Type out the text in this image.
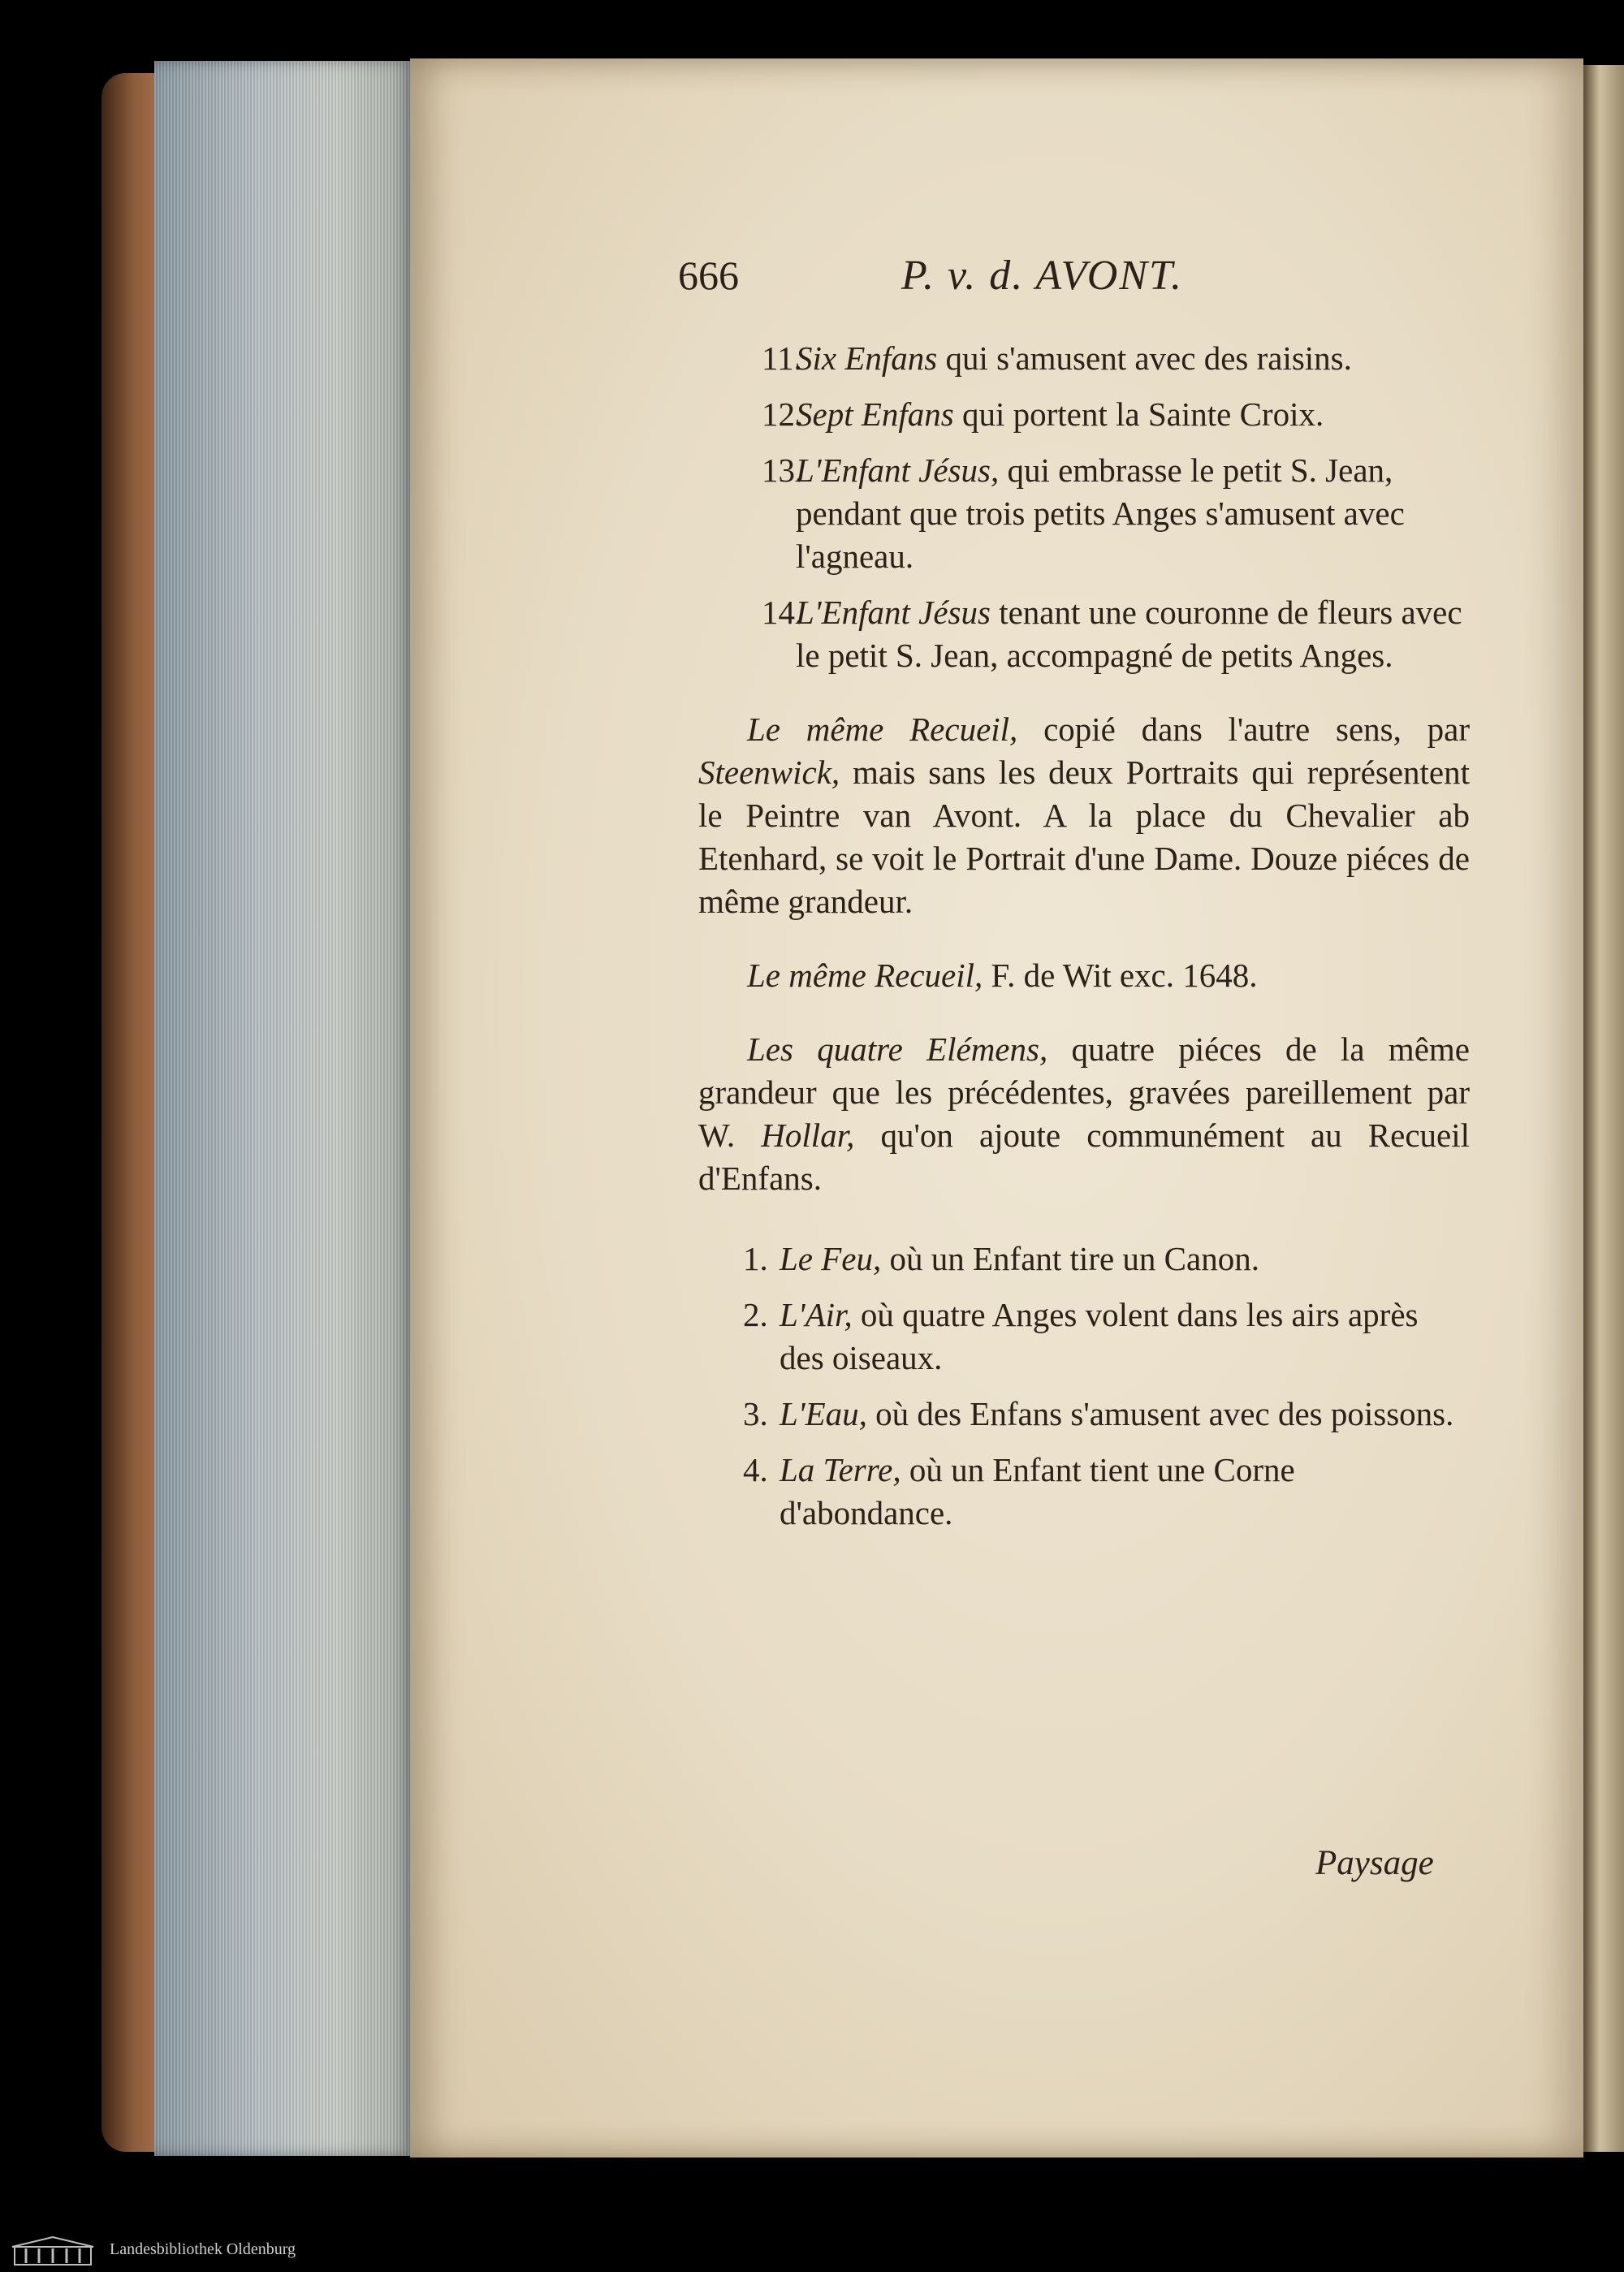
666	P. v. d. AVONT.
11.
Six Enfans qui s'amusent avec des raisins.
12.
Sept Enfans qui portent la Sainte Croix.
13.
L'Enfant Jésus, qui embrasse le petit S. Jean, pendant que trois petits Anges s'amusent avec l'agneau.
14.
L'Enfant Jésus tenant une couronne de fleurs avec le petit S. Jean, accompagné de petits Anges.

Le même Recueil, copié dans l'autre sens, par Steenwick, mais sans les deux Portraits qui représentent le Peintre van Avont. A la place du Chevalier ab Etenhard, se voit le Portrait d'une Dame. Douze piéces de même grandeur.

Le même Recueil, F. de Wit exc. 1648.

Les quatre Elémens, quatre piéces de la même grandeur que les précédentes, gravées pareillement par W. Hollar, qu'on ajoute communément au Recueil d'Enfans.

1. Le Feu, où un Enfant tire un Canon.
2. L'Air, où quatre Anges volent dans les airs après des oiseaux.
3. L'Eau, où des Enfans s'amusent avec des poissons.
4. La Terre, où un Enfant tient une Corne d'abondance.
Paysage
Landesbibliothek Oldenburg
